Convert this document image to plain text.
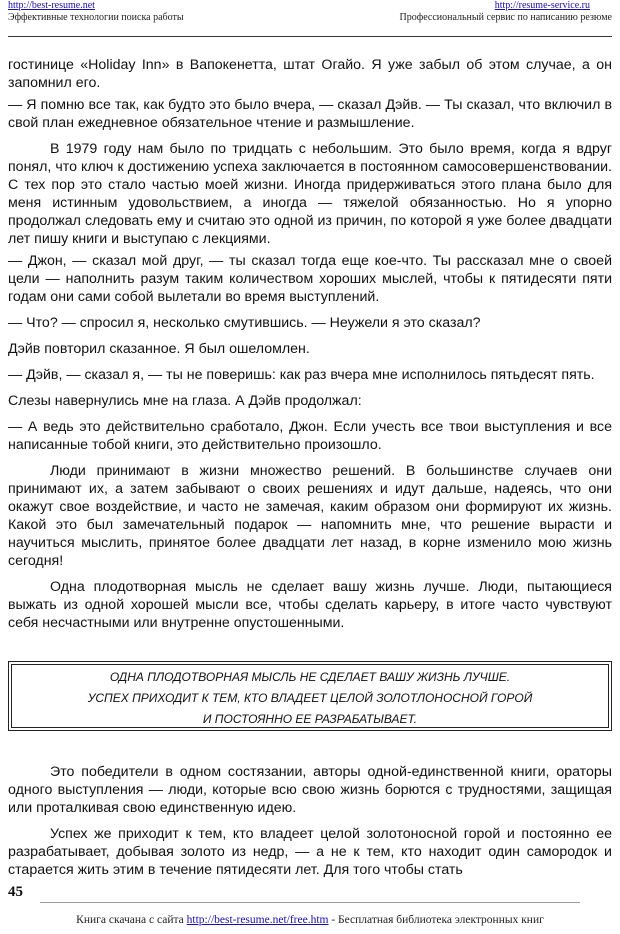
http://best-resume.net
Эффективные технологии поиска работы
http://resume-service.ru
Профессиональный сервис по написанию резюме

гостинице «Holiday Inn» в Вапокенетта, штат Огайо. Я уже забыл об этом случае, а он запомнил его.

— Я помню все так, как будто это было вчера, — сказал Дэйв. — Ты сказал, что включил в свой план ежедневное обязательное чтение и размышление.

В 1979 году нам было по тридцать с небольшим. Это было время, когда я вдруг понял, что ключ к достижению успеха заключается в постоянном самосовершенствовании. С тех пор это стало частью моей жизни. Иногда придерживаться этого плана было для меня истинным удовольствием, а иногда — тяжелой обязанностью. Но я упорно продолжал следовать ему и считаю это одной из причин, по которой я уже более двадцати лет пишу книги и выступаю с лекциями.

— Джон, — сказал мой друг, — ты сказал тогда еще кое-что. Ты рассказал мне о своей цели — наполнить разум таким количеством хороших мыслей, чтобы к пятидесяти пяти годам они сами собой вылетали во время выступлений.

— Что? — спросил я, несколько смутившись. — Неужели я это сказал?

Дэйв повторил сказанное. Я был ошеломлен.

— Дэйв, — сказал я, — ты не поверишь: как раз вчера мне исполнилось пятьдесят пять.

Слезы навернулись мне на глаза. А Дэйв продолжал:

— А ведь это действительно сработало, Джон. Если учесть все твои выступления и все написанные тобой книги, это действительно произошло.

Люди принимают в жизни множество решений. В большинстве случаев они принимают их, а затем забывают о своих решениях и идут дальше, надеясь, что они окажут свое воздействие, и часто не замечая, каким образом они формируют их жизнь. Какой это был замечательный подарок — напомнить мне, что решение вырасти и научиться мыслить, принятое более двадцати лет назад, в корне изменило мою жизнь сегодня!

Одна плодотворная мысль не сделает вашу жизнь лучше. Люди, пытающиеся выжать из одной хорошей мысли все, чтобы сделать карьеру, в итоге часто чувствуют себя несчастными или внутренне опустошенными.

ОДНА ПЛОДОТВОРНАЯ МЫСЛЬ НЕ СДЕЛАЕТ ВАШУ ЖИЗНЬ ЛУЧШЕ.
УСПЕХ ПРИХОДИТ К ТЕМ, КТО ВЛАДЕЕТ ЦЕЛОЙ ЗОЛОТЛОНОСНОЙ ГОРОЙ
И ПОСТОЯННО ЕЕ РАЗРАБАТЫВАЕТ.

Это победители в одном состязании, авторы одной-единственной книги, ораторы одного выступления — люди, которые всю свою жизнь борются с трудностями, защищая или проталкивая свою единственную идею.

Успех же приходит к тем, кто владеет целой золотоносной горой и постоянно ее разрабатывает, добывая золото из недр, — а не к тем, кто находит один самородок и старается жить этим в течение пятидесяти лет. Для того чтобы стать

45
Книга скачана с сайта http://best-resume.net/free.htm - Бесплатная библиотека электронных книг
